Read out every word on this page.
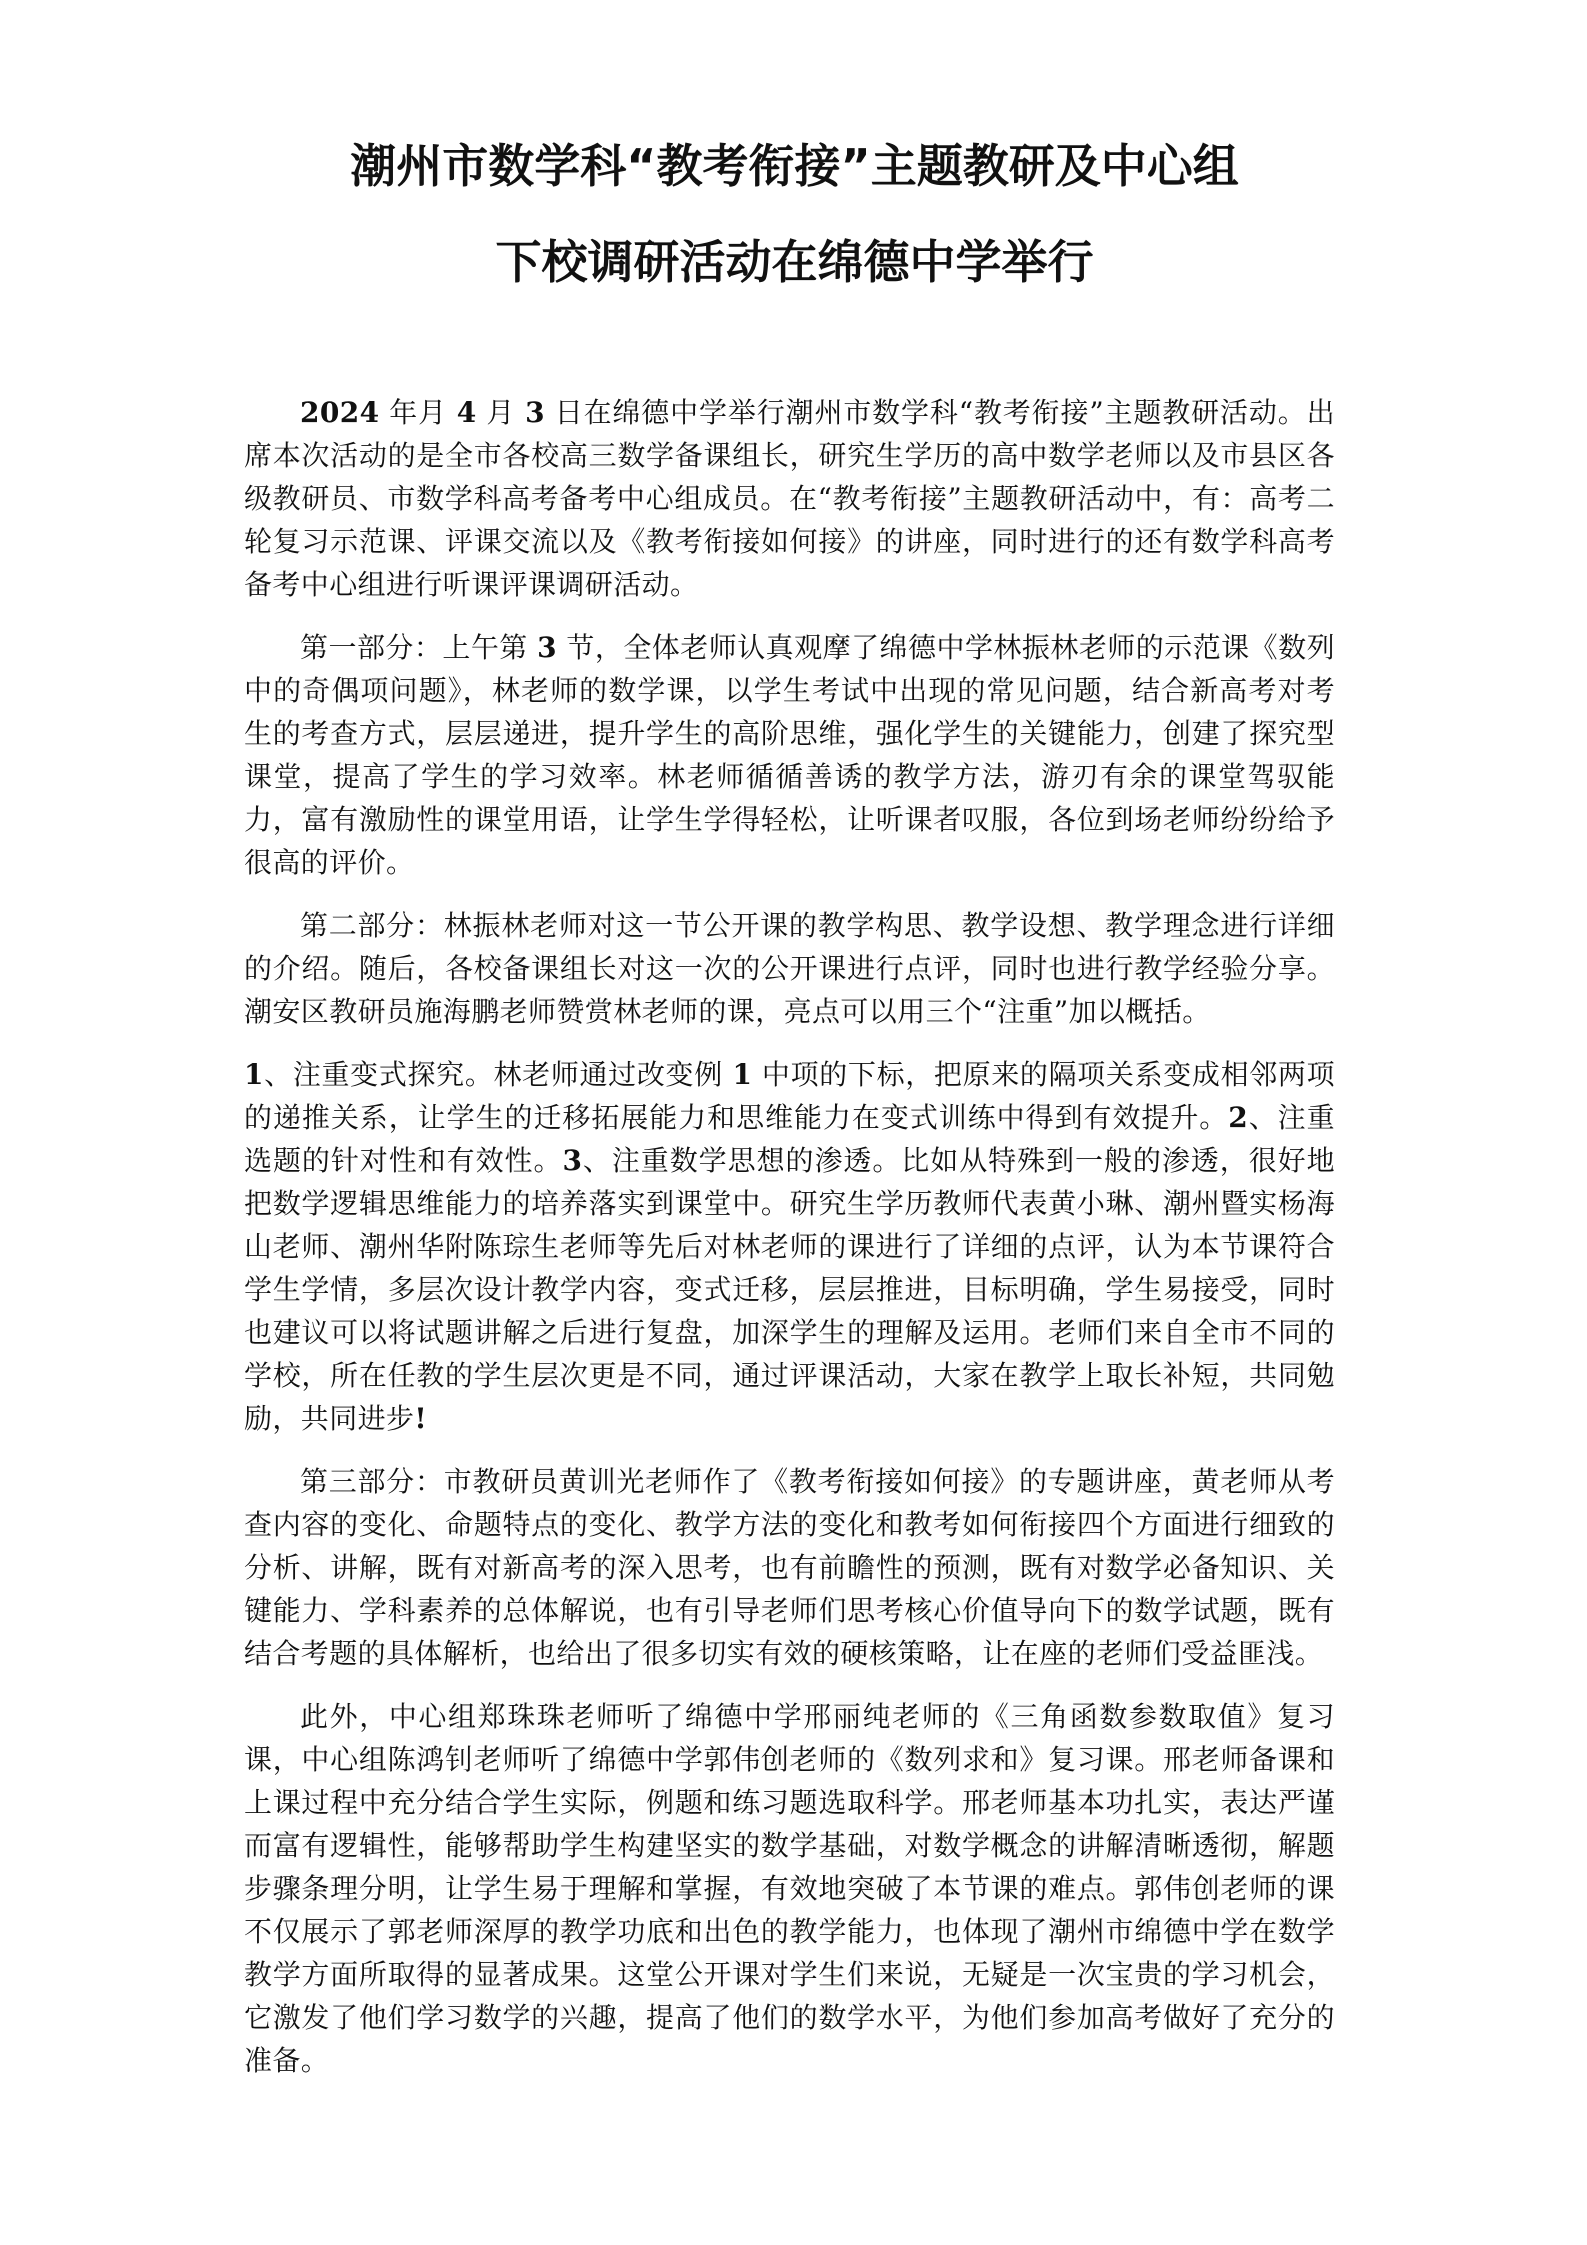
潮州市数学科“教考衔接”主题教研及中心组
下校调研活动在绵德中学举行

2024 年月 4 月 3 日在绵德中学举行潮州市数学科“教考衔接”主题教研活动。出席本次活动的是全市各校高三数学备课组长，研究生学历的高中数学老师以及市县区各级教研员、市数学科高考备考中心组成员。在“教考衔接”主题教研活动中，有：高考二轮复习示范课、评课交流以及《教考衔接如何接》的讲座，同时进行的还有数学科高考备考中心组进行听课评课调研活动。

第一部分：上午第 3 节，全体老师认真观摩了绵德中学林振林老师的示范课《数列中的奇偶项问题》，林老师的数学课，以学生考试中出现的常见问题，结合新高考对考生的考查方式，层层递进，提升学生的高阶思维，强化学生的关键能力，创建了探究型课堂，提高了学生的学习效率。林老师循循善诱的教学方法，游刃有余的课堂驾驭能力，富有激励性的课堂用语，让学生学得轻松，让听课者叹服，各位到场老师纷纷给予很高的评价。

第二部分：林振林老师对这一节公开课的教学构思、教学设想、教学理念进行详细的介绍。随后，各校备课组长对这一次的公开课进行点评，同时也进行教学经验分享。潮安区教研员施海鹏老师赞赏林老师的课，亮点可以用三个“注重”加以概括。

1、注重变式探究。林老师通过改变例 1 中项的下标，把原来的隔项关系变成相邻两项的递推关系，让学生的迁移拓展能力和思维能力在变式训练中得到有效提升。2、注重选题的针对性和有效性。3、注重数学思想的渗透。比如从特殊到一般的渗透，很好地把数学逻辑思维能力的培养落实到课堂中。研究生学历教师代表黄小琳、潮州暨实杨海山老师、潮州华附陈琮生老师等先后对林老师的课进行了详细的点评，认为本节课符合学生学情，多层次设计教学内容，变式迁移，层层推进，目标明确，学生易接受，同时也建议可以将试题讲解之后进行复盘，加深学生的理解及运用。老师们来自全市不同的学校，所在任教的学生层次更是不同，通过评课活动，大家在教学上取长补短，共同勉励，共同进步!

第三部分：市教研员黄训光老师作了《教考衔接如何接》的专题讲座，黄老师从考查内容的变化、命题特点的变化、教学方法的变化和教考如何衔接四个方面进行细致的分析、讲解，既有对新高考的深入思考，也有前瞻性的预测，既有对数学必备知识、关键能力、学科素养的总体解说，也有引导老师们思考核心价值导向下的数学试题，既有结合考题的具体解析，也给出了很多切实有效的硬核策略，让在座的老师们受益匪浅。

此外，中心组郑珠珠老师听了绵德中学邢丽纯老师的《三角函数参数取值》复习课，中心组陈鸿钊老师听了绵德中学郭伟创老师的《数列求和》复习课。邢老师备课和上课过程中充分结合学生实际，例题和练习题选取科学。邢老师基本功扎实，表达严谨而富有逻辑性，能够帮助学生构建坚实的数学基础，对数学概念的讲解清晰透彻，解题步骤条理分明，让学生易于理解和掌握，有效地突破了本节课的难点。郭伟创老师的课不仅展示了郭老师深厚的教学功底和出色的教学能力，也体现了潮州市绵德中学在数学教学方面所取得的显著成果。这堂公开课对学生们来说，无疑是一次宝贵的学习机会，它激发了他们学习数学的兴趣，提高了他们的数学水平，为他们参加高考做好了充分的准备。
